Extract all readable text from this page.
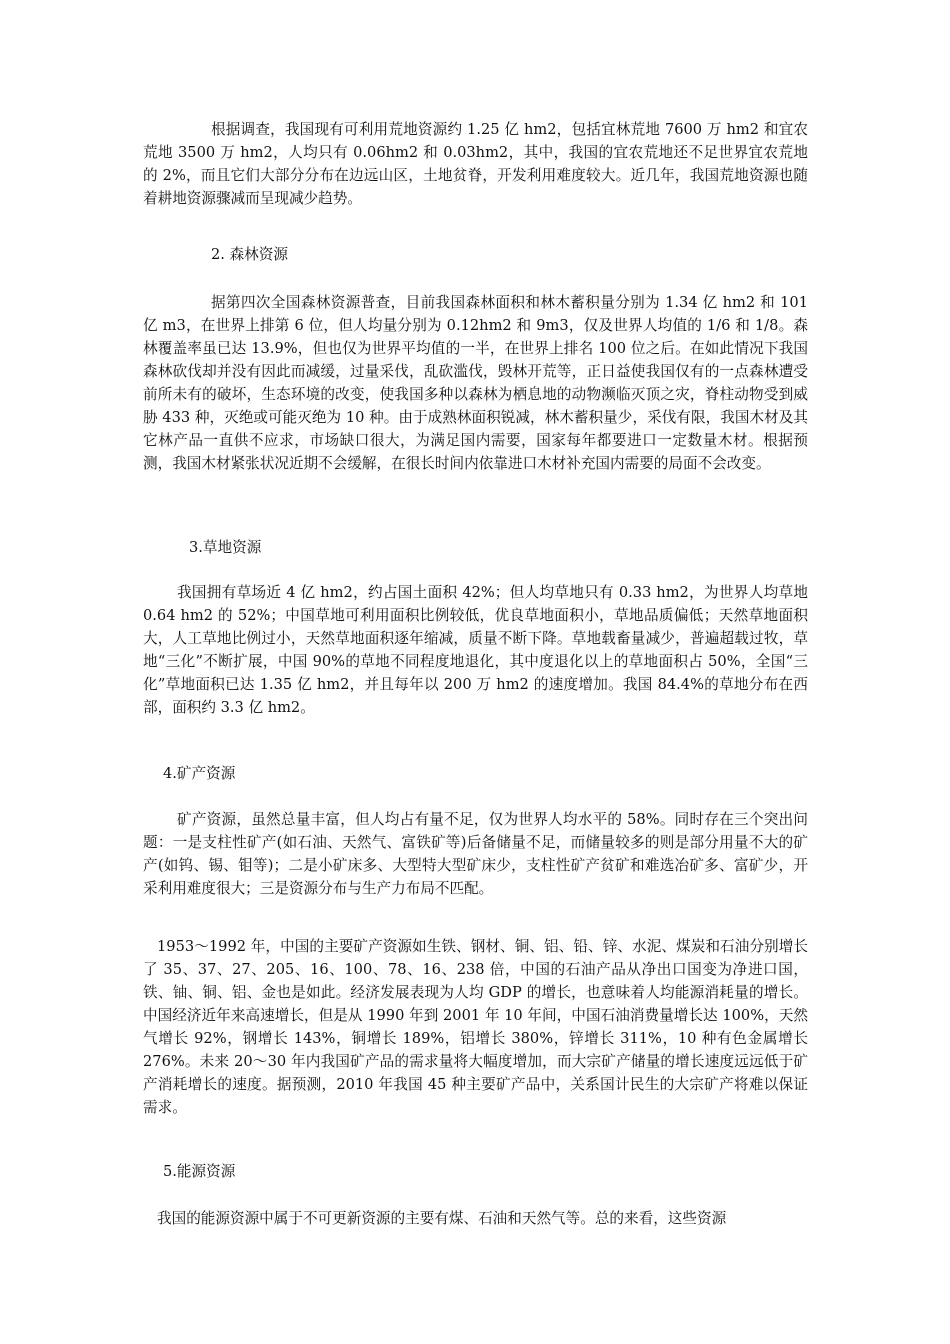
根据调查，我国现有可利用荒地资源约 1.25 亿 hm2，包括宜林荒地 7600 万 hm2 和宜农荒地 3500 万 hm2，人均只有 0.06hm2 和 0.03hm2，其中，我国的宜农荒地还不足世界宜农荒地的 2%，而且它们大部分分布在边远山区，土地贫脊，开发利用难度较大。近几年，我国荒地资源也随着耕地资源骤减而呈现减少趋势。

2. 森林资源

据第四次全国森林资源普查，目前我国森林面积和林木蓄积量分别为 1.34 亿 hm2 和 101 亿 m3，在世界上排第 6 位，但人均量分别为 0.12hm2 和 9m3，仅及世界人均值的 1/6 和 1/8。森林覆盖率虽已达 13.9%，但也仅为世界平均值的一半，在世界上排名 100 位之后。在如此情况下我国森林砍伐却并没有因此而减缓，过量采伐，乱砍滥伐，毁林开荒等，正日益使我国仅有的一点森林遭受前所未有的破坏，生态环境的改变，使我国多种以森林为栖息地的动物濒临灭顶之灾，脊柱动物受到威胁 433 种，灭绝或可能灭绝为 10 种。由于成熟林面积锐减，林木蓄积量少，采伐有限，我国木材及其它林产品一直供不应求，市场缺口很大，为满足国内需要，国家每年都要进口一定数量木材。根据预测，我国木材紧张状况近期不会缓解，在很长时间内依靠进口木材补充国内需要的局面不会改变。

3.草地资源

我国拥有草场近 4 亿 hm2，约占国土面积 42%；但人均草地只有 0.33 hm2，为世界人均草地 0.64 hm2 的 52%；中国草地可利用面积比例较低，优良草地面积小，草地品质偏低；天然草地面积大，人工草地比例过小，天然草地面积逐年缩减，质量不断下降。草地载畜量减少，普遍超载过牧，草地“三化”不断扩展，中国 90%的草地不同程度地退化，其中度退化以上的草地面积占 50%，全国“三化”草地面积已达 1.35 亿 hm2，并且每年以 200 万 hm2 的速度增加。我国 84.4%的草地分布在西部，面积约 3.3 亿 hm2。

4.矿产资源

矿产资源，虽然总量丰富，但人均占有量不足，仅为世界人均水平的 58%。同时存在三个突出问题：一是支柱性矿产(如石油、天然气、富铁矿等)后备储量不足，而储量较多的则是部分用量不大的矿产(如钨、锡、钼等)；二是小矿床多、大型特大型矿床少，支柱性矿产贫矿和难选冶矿多、富矿少，开采利用难度很大；三是资源分布与生产力布局不匹配。

1953～1992 年，中国的主要矿产资源如生铁、钢材、铜、铝、铅、锌、水泥、煤炭和石油分别增长了 35、37、27、205、16、100、78、16、238 倍，中国的石油产品从净出口国变为净进口国，铁、铀、铜、铝、金也是如此。经济发展表现为人均 GDP 的增长，也意味着人均能源消耗量的增长。中国经济近年来高速增长，但是从 1990 年到 2001 年 10 年间，中国石油消费量增长达 100%，天然气增长 92%，钢增长 143%，铜增长 189%，铝增长 380%，锌增长 311%，10 种有色金属增长 276%。未来 20～30 年内我国矿产品的需求量将大幅度增加，而大宗矿产储量的增长速度远远低于矿产消耗增长的速度。据预测，2010 年我国 45 种主要矿产品中，关系国计民生的大宗矿产将难以保证需求。

5.能源资源

我国的能源资源中属于不可更新资源的主要有煤、石油和天然气等。总的来看，这些资源
